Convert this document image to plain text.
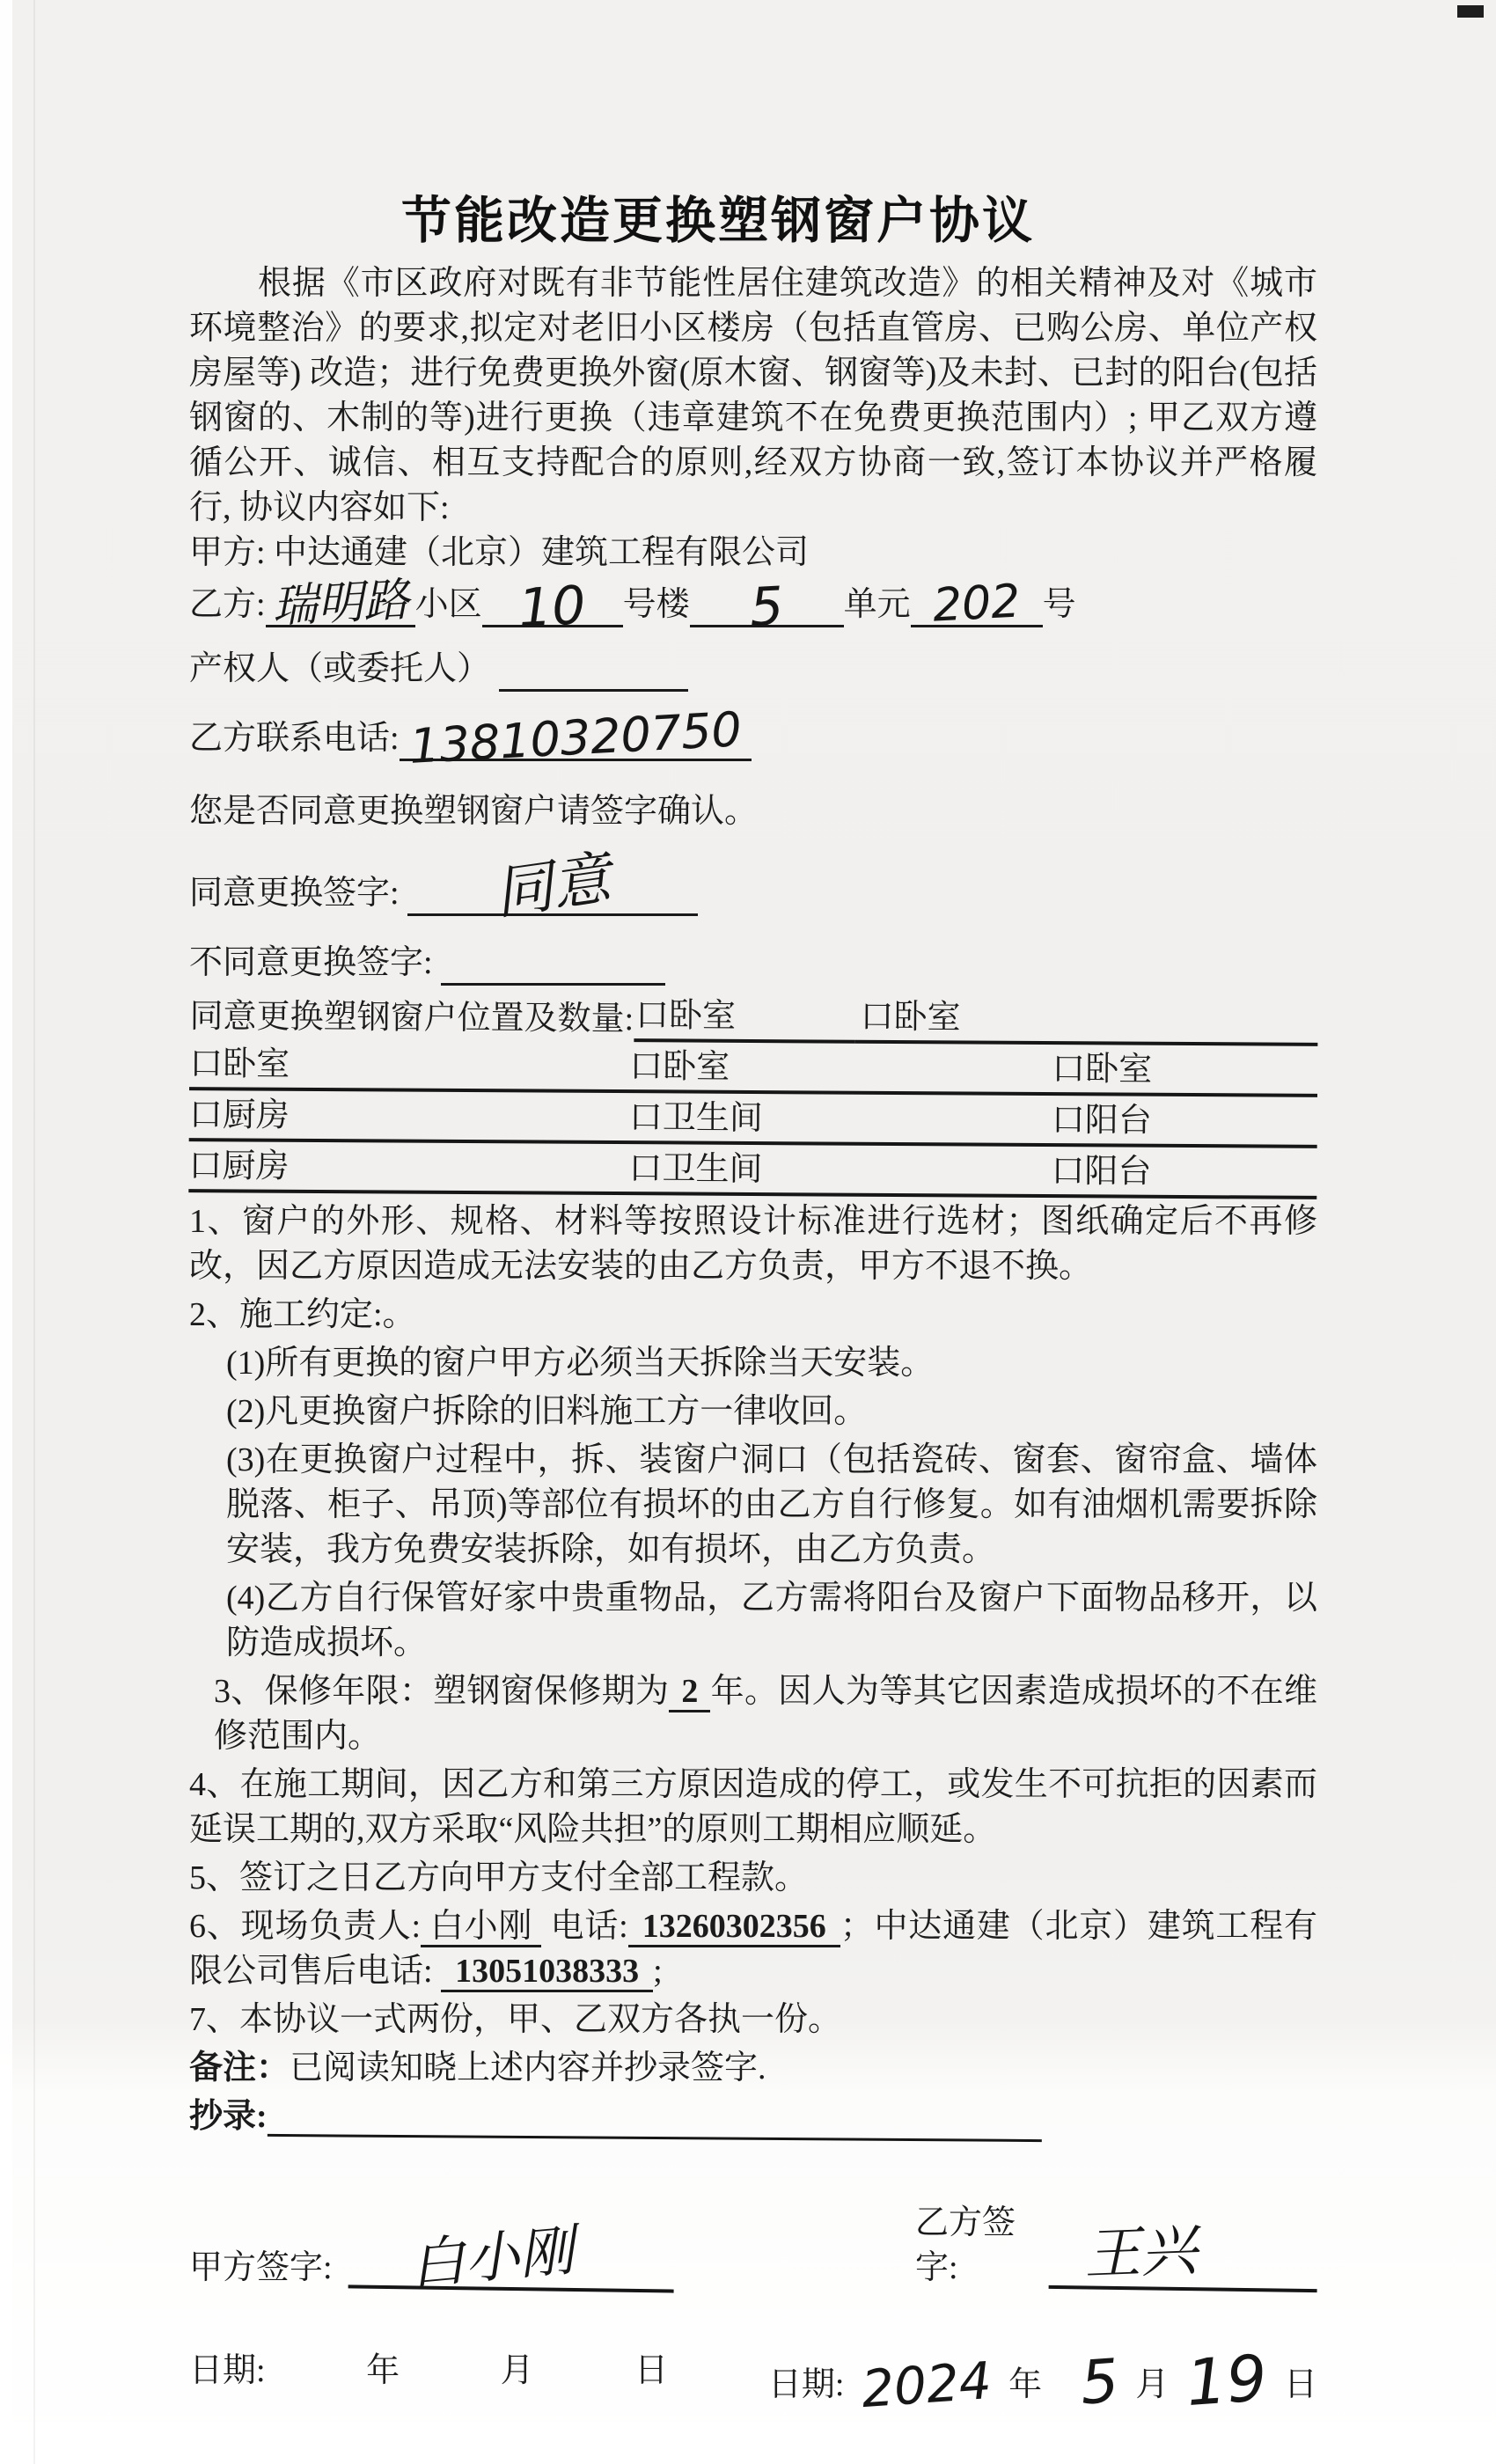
节能改造更换塑钢窗户协议

根据《市区政府对既有非节能性居住建筑改造》的相关精神及对《城市环境整治》的要求,拟定对老旧小区楼房（包括直管房、已购公房、单位产权房屋等) 改造；进行免费更换外窗(原木窗、钢窗等)及未封、已封的阳台(包括钢窗的、木制的等)进行更换（违章建筑不在免费更换范围内）; 甲乙双方遵循公开、诚信、相互支持配合的原则,经双方协商一致,签订本协议并严格履行, 协议内容如下:

甲方: 中达通建（北京）建筑工程有限公司

乙方: 瑞明路 小区 10 号楼 5 单元 202 号

产权人（或委托人）

乙方联系电话: 13810320750

您是否同意更换塑钢窗户请签字确认。

同意更换签字: 同意

不同意更换签字:

同意更换塑钢窗户位置及数量: 口卧室	口卧室
口卧室	口卧室	口卧室
口厨房	口卫生间	口阳台
口厨房	口卫生间	口阳台

1、窗户的外形、规格、材料等按照设计标准进行选材；图纸确定后不再修改，因乙方原因造成无法安装的由乙方负责，甲方不退不换。

2、施工约定:。

(1)所有更换的窗户甲方必须当天拆除当天安装。

(2)凡更换窗户拆除的旧料施工方一律收回。

(3)在更换窗户过程中，拆、装窗户洞口（包括瓷砖、窗套、窗帘盒、墙体脱落、柜子、吊顶)等部位有损坏的由乙方自行修复。如有油烟机需要拆除安装，我方免费安装拆除，如有损坏，由乙方负责。

(4)乙方自行保管好家中贵重物品，乙方需将阳台及窗户下面物品移开，以防造成损坏。

3、保修年限：塑钢窗保修期为 2 年。因人为等其它因素造成损坏的不在维修范围内。

4、在施工期间，因乙方和第三方原因造成的停工，或发生不可抗拒的因素而延误工期的,双方采取“风险共担”的原则工期相应顺延。

5、签订之日乙方向甲方支付全部工程款。

6、现场负责人: 白小刚 电话: 13260302356 ；中达通建（北京）建筑工程有限公司售后电话: 13051038333 ;

7、本协议一式两份，甲、乙双方各执一份。

备注：已阅读知晓上述内容并抄录签字.

抄录:
甲方签字: 白小刚	乙方签字:	王兴
日期:	年	月	日	日期: 2024 年 5 月 19 日
